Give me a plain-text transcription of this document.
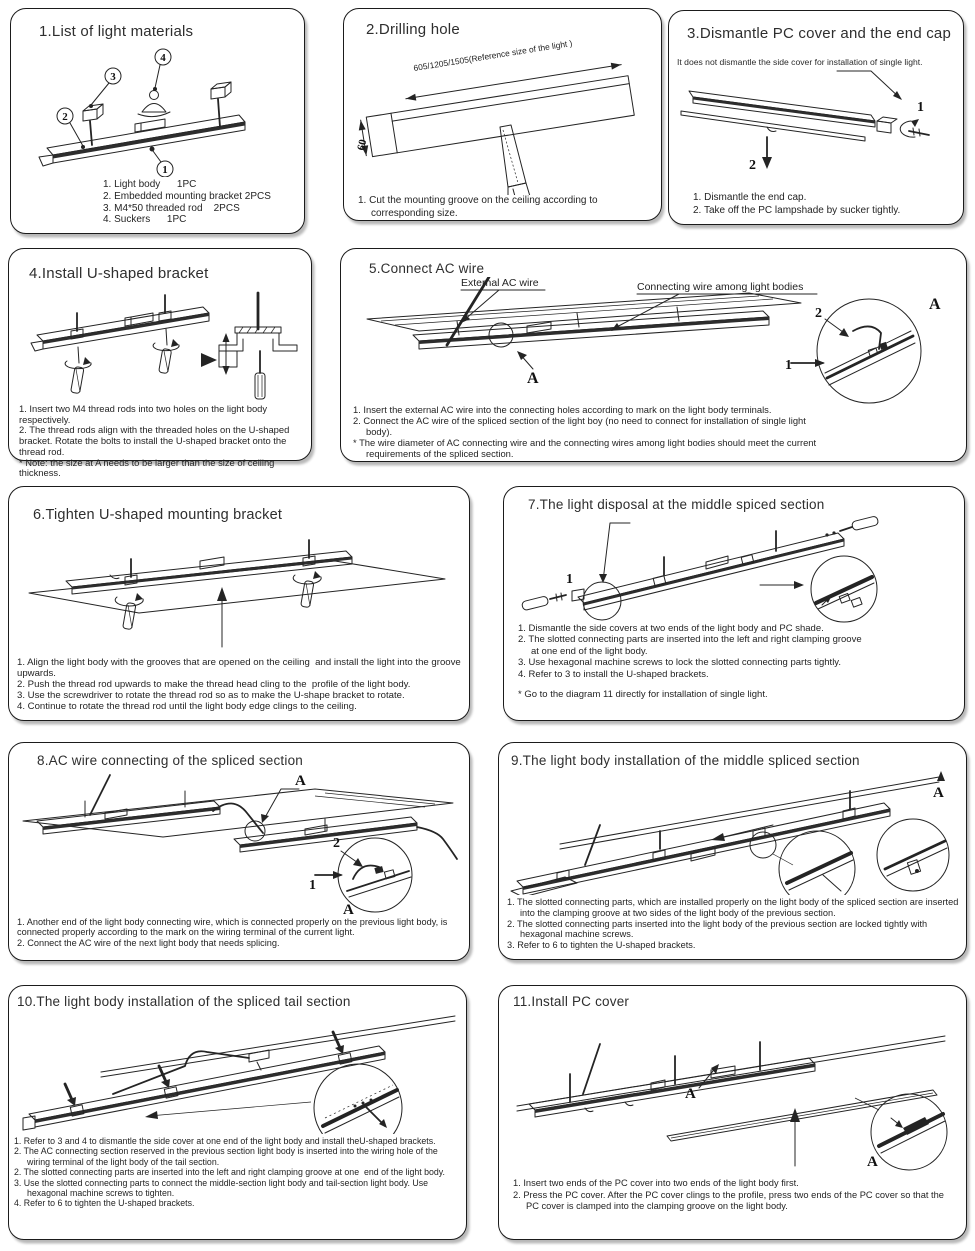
1.List of light materials
4
3
2
1
1. Light body      1PC
2. Embedded mounting bracket 2PCS
3. M4*50 threaded rod    2PCS
4. Suckers      1PC
2.Drilling hole
60
605/1205/1505(Reference size of the light )
1. Cut the mounting groove on the ceiling according to corresponding size.
3.Dismantle PC cover and the end cap
It does not dismantle the side cover for installation of single light.
1
2
1. Dismantle the end cap.
2. Take off the PC lampshade by sucker tightly.
4.Install U-shaped bracket
1. Insert two M4 thread rods into two holes on the light body respectively.
2. The thread rods align with the threaded holes on the U-shaped bracket. Rotate the bolts to install the U-shaped bracket onto the thread rod.
* Note: the size at A needs to be larger than the size of ceiling thickness.
5.Connect AC wire
External AC wire	Connecting wire among light bodies
2
1
A
A
1. Insert the external AC wire into the connecting holes according to mark on the light body terminals.
2. Connect the AC wire of the spliced section of the light boy (no need to connect for installation of single light body).
* The wire diameter of AC connecting wire and the connecting wires among light bodies should meet the current requirements of the spliced section.
6.Tighten U-shaped mounting bracket
1. Align the light body with the grooves that are opened on the ceiling  and install the light into the groove upwards.
2. Push the thread rod upwards to make the thread head cling to the  profile of the light body.
3. Use the screwdriver to rotate the thread rod so as to make the U-shape bracket to rotate.
4. Continue to rotate the thread rod until the light body edge clings to the ceiling.
7.The light disposal at the middle spiced section
1
1. Dismantle the side covers at two ends of the light body and PC shade.
2. The slotted connecting parts are inserted into the left and right clamping groove at one end of the light body.
3. Use hexagonal machine screws to lock the slotted connecting parts tightly.
4. Refer to 3 to install the U-shaped brackets.
* Go to the diagram 11 directly for installation of single light.
8.AC wire connecting of the spliced section
A
2
1
A
1. Another end of the light body connecting wire, which is connected properly on the previous light body, is connected properly according to the mark on the wiring terminal of the current light.
2. Connect the AC wire of the next light body that needs splicing.
9.The light body installation of the middle spliced section
A
1. The slotted connecting parts, which are installed properly on the light body of the spliced section are inserted into the clamping groove at two sides of the light body of the previous section.
2. The slotted connecting parts inserted into the light body of the previous section are locked tightly with hexagonal machine screws.
3. Refer to 6 to tighten the U-shaped brackets.
10.The light body installation of the spliced tail section
1. Refer to 3 and 4 to dismantle the side cover at one end of the light body and install theU-shaped brackets.
2. The AC connecting section reserved in the previous section light body is inserted into the wiring hole of the wiring terminal of the light body of the tail section.
2. The slotted connecting parts are inserted into the left and right clamping groove at one  end of the light body.
3. Use the slotted connecting parts to connect the middle-section light body and tail-section light body. Use hexagonal machine screws to tighten.
4. Refer to 6 to tighten the U-shaped brackets.
11.Install PC cover
A
A
1. Insert two ends of the PC cover into two ends of the light body first.
2. Press the PC cover. After the PC cover clings to the profile, press two ends of the PC cover so that the PC cover is clamped into the clamping groove on the light body.
